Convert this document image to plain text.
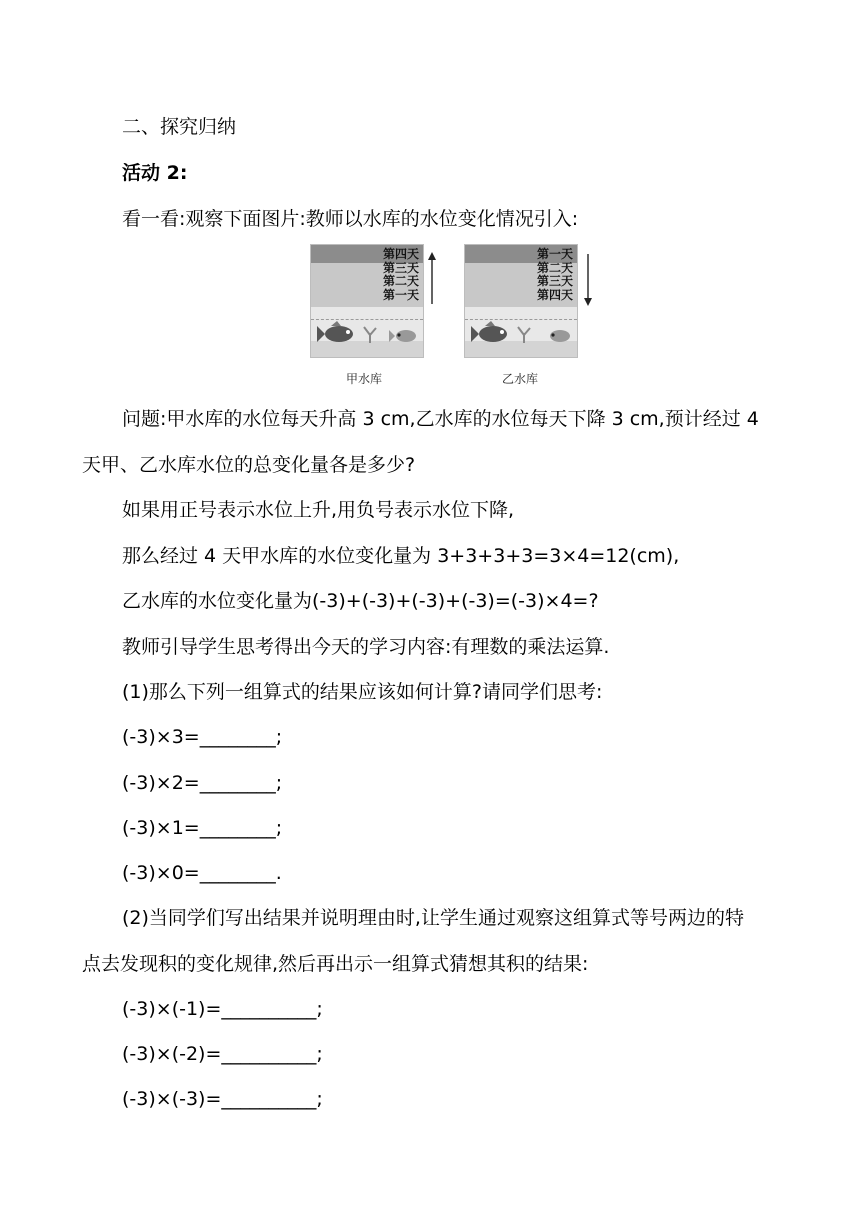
二、探究归纳
活动 2:
看一看:观察下面图片:教师以水库的水位变化情况引入:
第四天
第三天
第二天
第一天
第一天
第二天
第三天
第四天
甲水库	乙水库
问题:甲水库的水位每天升高 3 cm,乙水库的水位每天下降 3 cm,预计经过 4
天甲、乙水库水位的总变化量各是多少?
如果用正号表示水位上升,用负号表示水位下降,
那么经过 4 天甲水库的水位变化量为 3+3+3+3=3×4=12(cm),
乙水库的水位变化量为(-3)+(-3)+(-3)+(-3)=(-3)×4=?
教师引导学生思考得出今天的学习内容:有理数的乘法运算.
(1)那么下列一组算式的结果应该如何计算?请同学们思考:
(-3)×3=________;
(-3)×2=________;
(-3)×1=________;
(-3)×0=________.
(2)当同学们写出结果并说明理由时,让学生通过观察这组算式等号两边的特
点去发现积的变化规律,然后再出示一组算式猜想其积的结果:
(-3)×(-1)=__________;
(-3)×(-2)=__________;
(-3)×(-3)=__________;
